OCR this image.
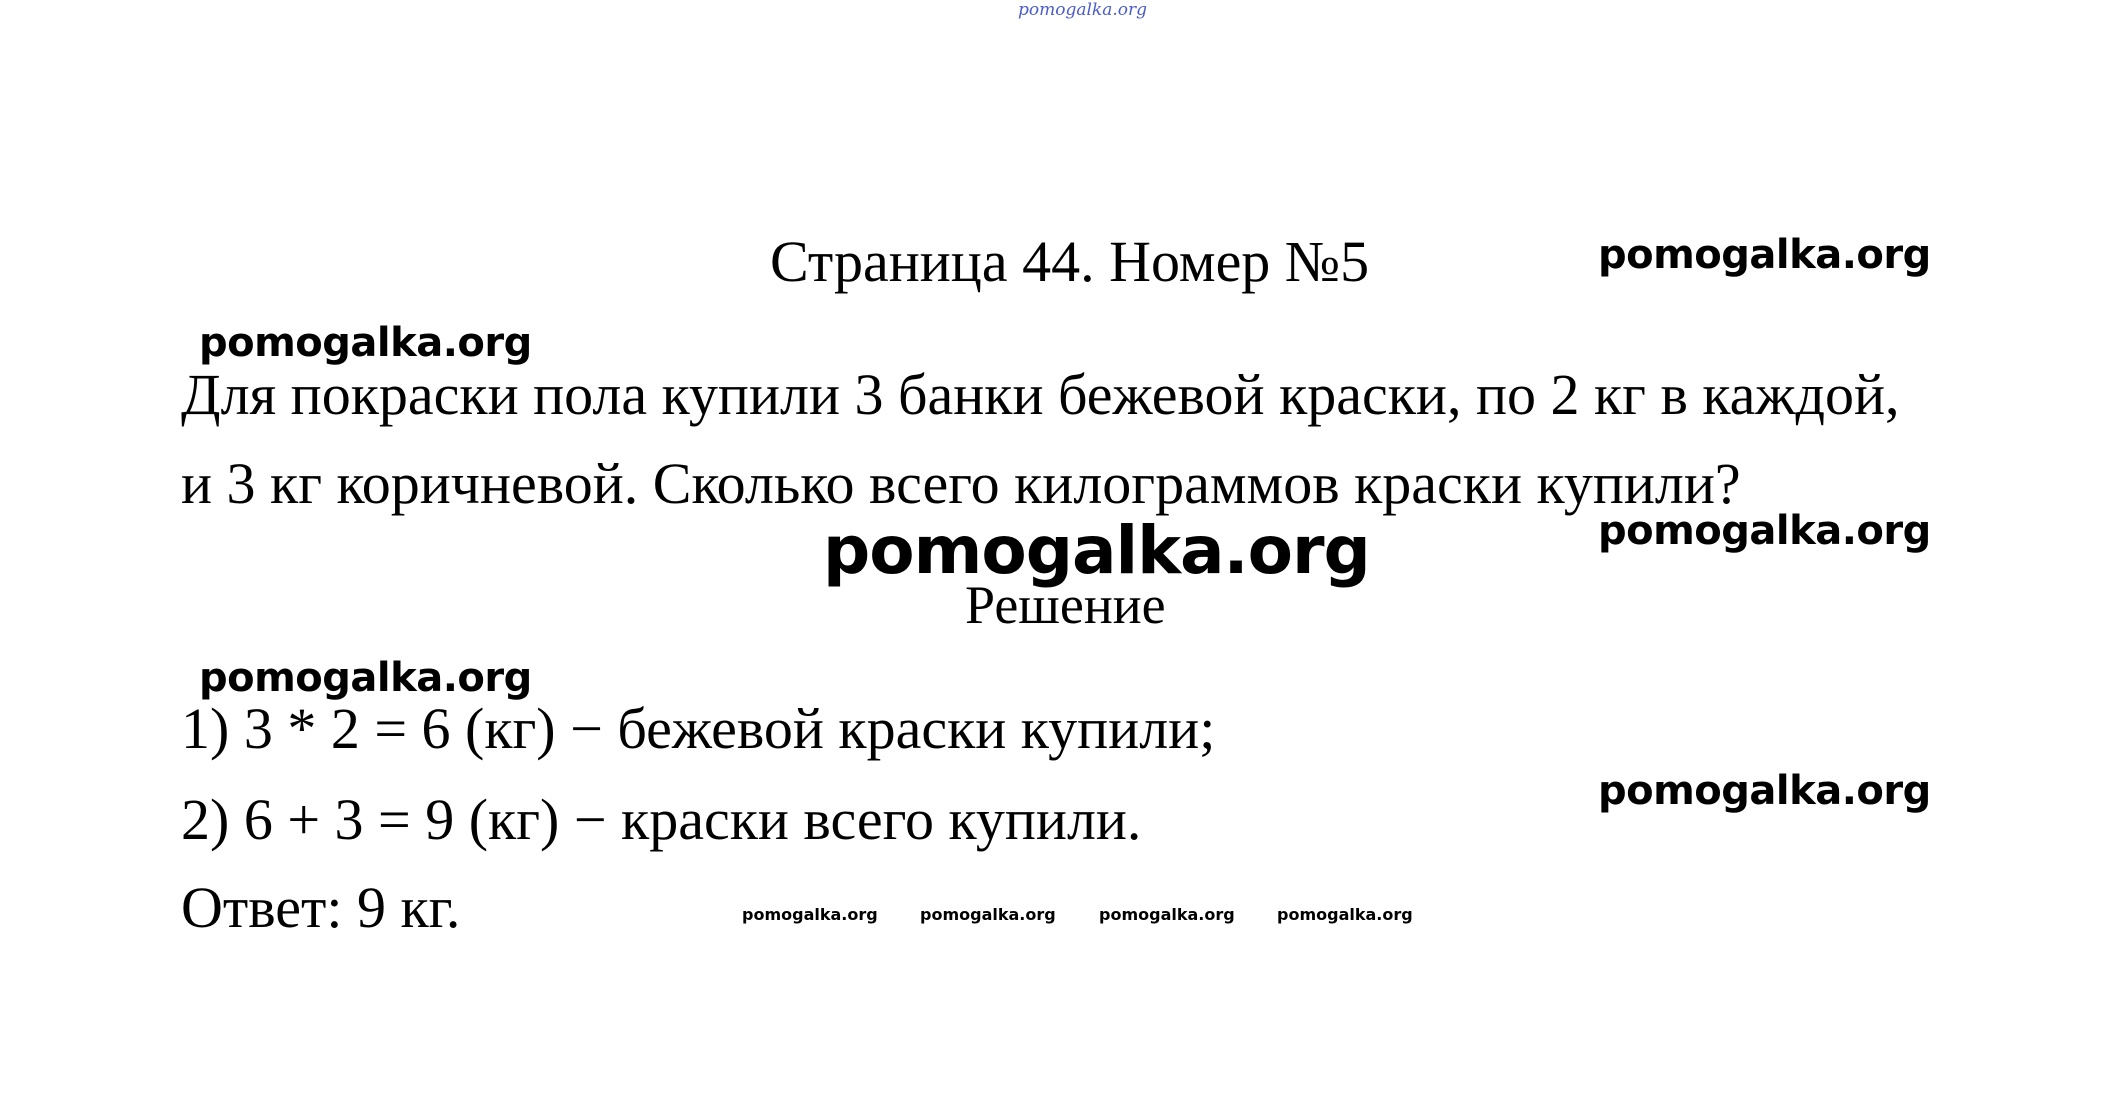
pomogalka.org
Страница 44. Номер №5	pomogalka.org
pomogalka.org
Для покраски пола купили 3 банки бежевой краски, по 2 кг в каждой,
и 3 кг коричневой. Сколько всего килограммов краски купили?
pomogalka.org	pomogalka.org
Решение
pomogalka.org
1) 3 * 2 = 6 (кг) − бежевой краски купили;
pomogalka.org
2) 6 + 3 = 9 (кг) − краски всего купили.
Ответ: 9 кг.	pomogalka.org	pomogalka.org	pomogalka.org	pomogalka.org
